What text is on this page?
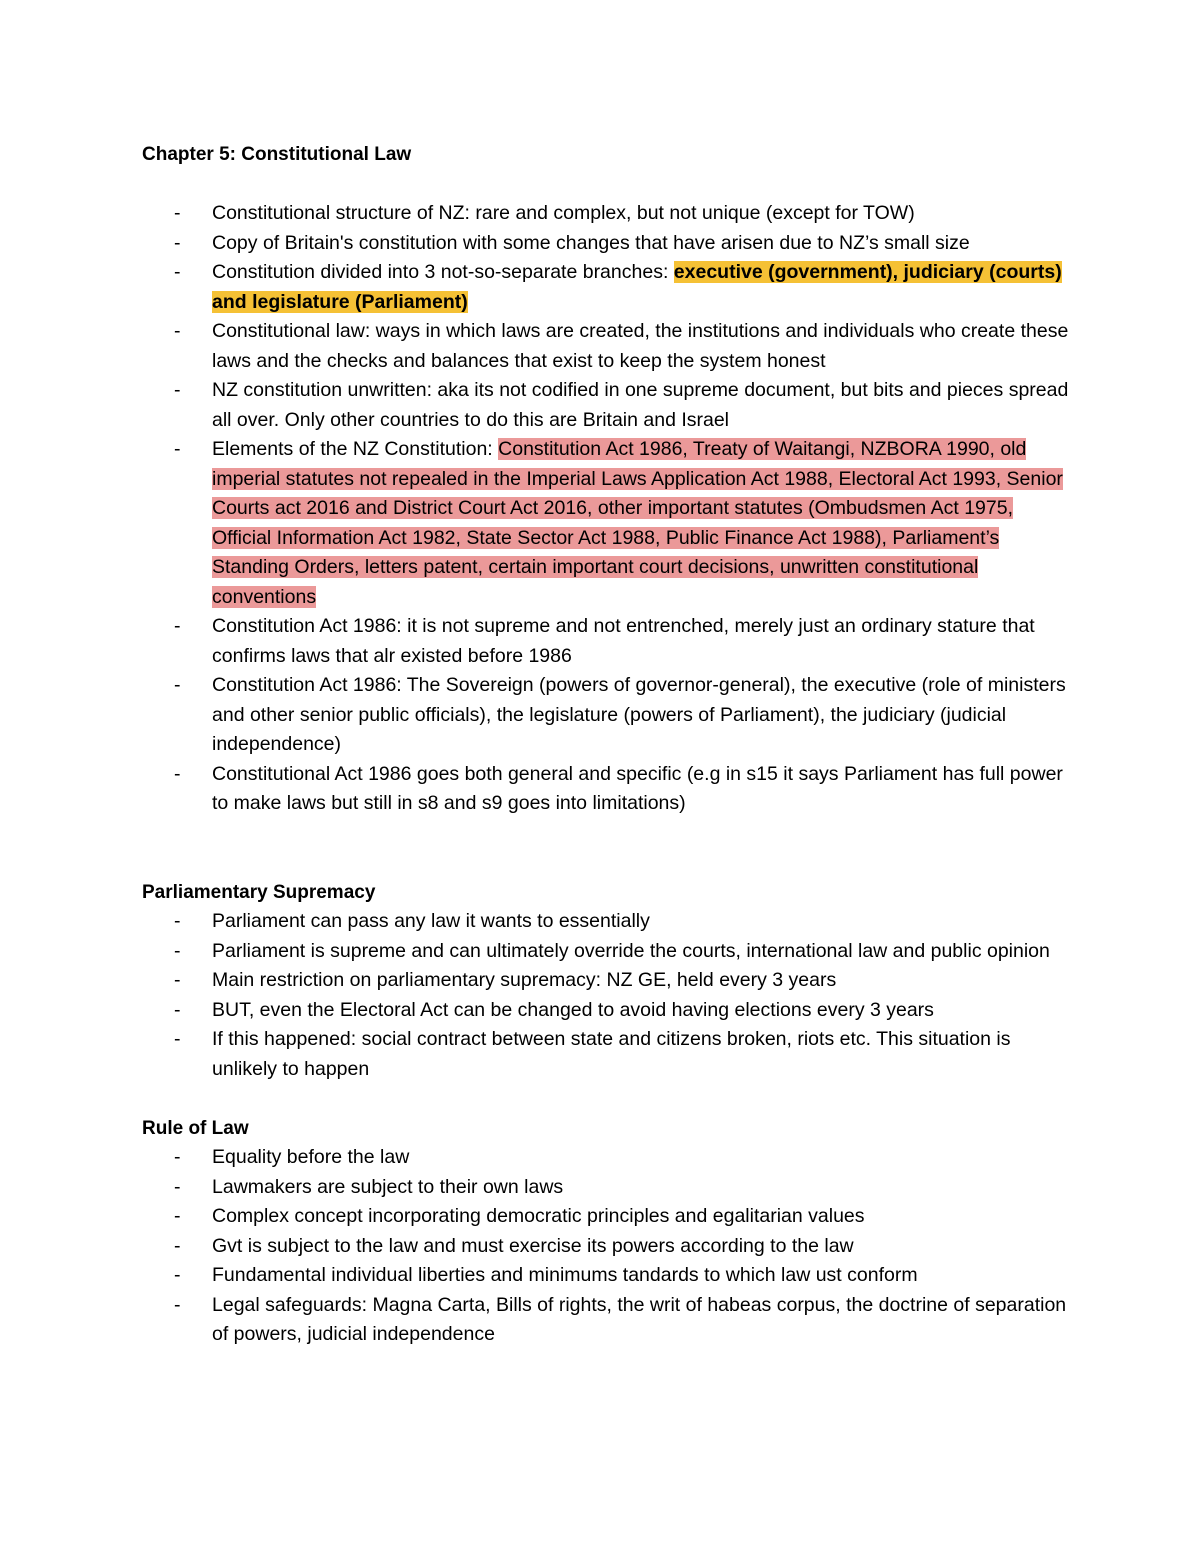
Chapter 5: Constitutional Law
- Constitutional structure of NZ: rare and complex, but not unique (except for TOW)
- Copy of Britain's constitution with some changes that have arisen due to NZ’s small size
- Constitution divided into 3 not-so-separate branches: executive (government), judiciary (courts) and legislature (Parliament)
- Constitutional law: ways in which laws are created, the institutions and individuals who create these laws and the checks and balances that exist to keep the system honest
- NZ constitution unwritten: aka its not codified in one supreme document, but bits and pieces spread all over. Only other countries to do this are Britain and Israel
- Elements of the NZ Constitution: Constitution Act 1986, Treaty of Waitangi, NZBORA 1990, old imperial statutes not repealed in the Imperial Laws Application Act 1988, Electoral Act 1993, Senior Courts act 2016 and District Court Act 2016, other important statutes (Ombudsmen Act 1975, Official Information Act 1982, State Sector Act 1988, Public Finance Act 1988), Parliament’s Standing Orders, letters patent, certain important court decisions, unwritten constitutional conventions
- Constitution Act 1986: it is not supreme and not entrenched, merely just an ordinary stature that confirms laws that alr existed before 1986
- Constitution Act 1986: The Sovereign (powers of governor-general), the executive (role of ministers and other senior public officials), the legislature (powers of Parliament), the judiciary (judicial independence)
- Constitutional Act 1986 goes both general and specific (e.g in s15 it says Parliament has full power to make laws but still in s8 and s9 goes into limitations)
Parliamentary Supremacy
- Parliament can pass any law it wants to essentially
- Parliament is supreme and can ultimately override the courts, international law and public opinion
- Main restriction on parliamentary supremacy: NZ GE, held every 3 years
- BUT, even the Electoral Act can be changed to avoid having elections every 3 years
- If this happened: social contract between state and citizens broken, riots etc. This situation is unlikely to happen
Rule of Law
- Equality before the law
- Lawmakers are subject to their own laws
- Complex concept incorporating democratic principles and egalitarian values
- Gvt is subject to the law and must exercise its powers according to the law
- Fundamental individual liberties and minimums tandards to which law ust conform
- Legal safeguards: Magna Carta, Bills of rights, the writ of habeas corpus, the doctrine of separation of powers, judicial independence
